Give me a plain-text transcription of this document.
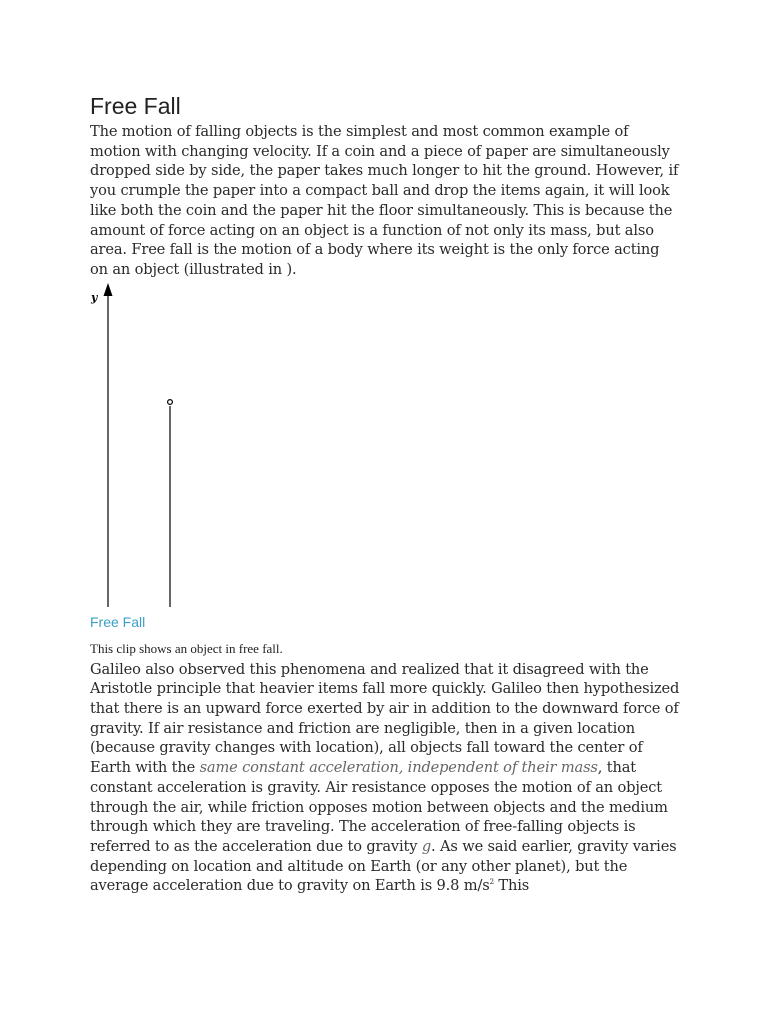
Free Fall

The motion of falling objects is the simplest and most common example of motion with changing velocity. If a coin and a piece of paper are simultaneously dropped side by side, the paper takes much longer to hit the ground. However, if you crumple the paper into a compact ball and drop the items again, it will look like both the coin and the paper hit the floor simultaneously. This is because the amount of force acting on an object is a function of not only its mass, but also area. Free fall is the motion of a body where its weight is the only force acting on an object (illustrated in ).

y
Free Fall

This clip shows an object in free fall.

Galileo also observed this phenomena and realized that it disagreed with the Aristotle principle that heavier items fall more quickly. Galileo then hypothesized that there is an upward force exerted by air in addition to the downward force of gravity. If air resistance and friction are negligible, then in a given location (because gravity changes with location), all objects fall toward the center of Earth with the same constant acceleration, independent of their mass, that constant acceleration is gravity. Air resistance opposes the motion of an object through the air, while friction opposes motion between objects and the medium through which they are traveling. The acceleration of free-falling objects is referred to as the acceleration due to gravity g. As we said earlier, gravity varies depending on location and altitude on Earth (or any other planet), but the average acceleration due to gravity on Earth is 9.8 $m/s^2$ This
